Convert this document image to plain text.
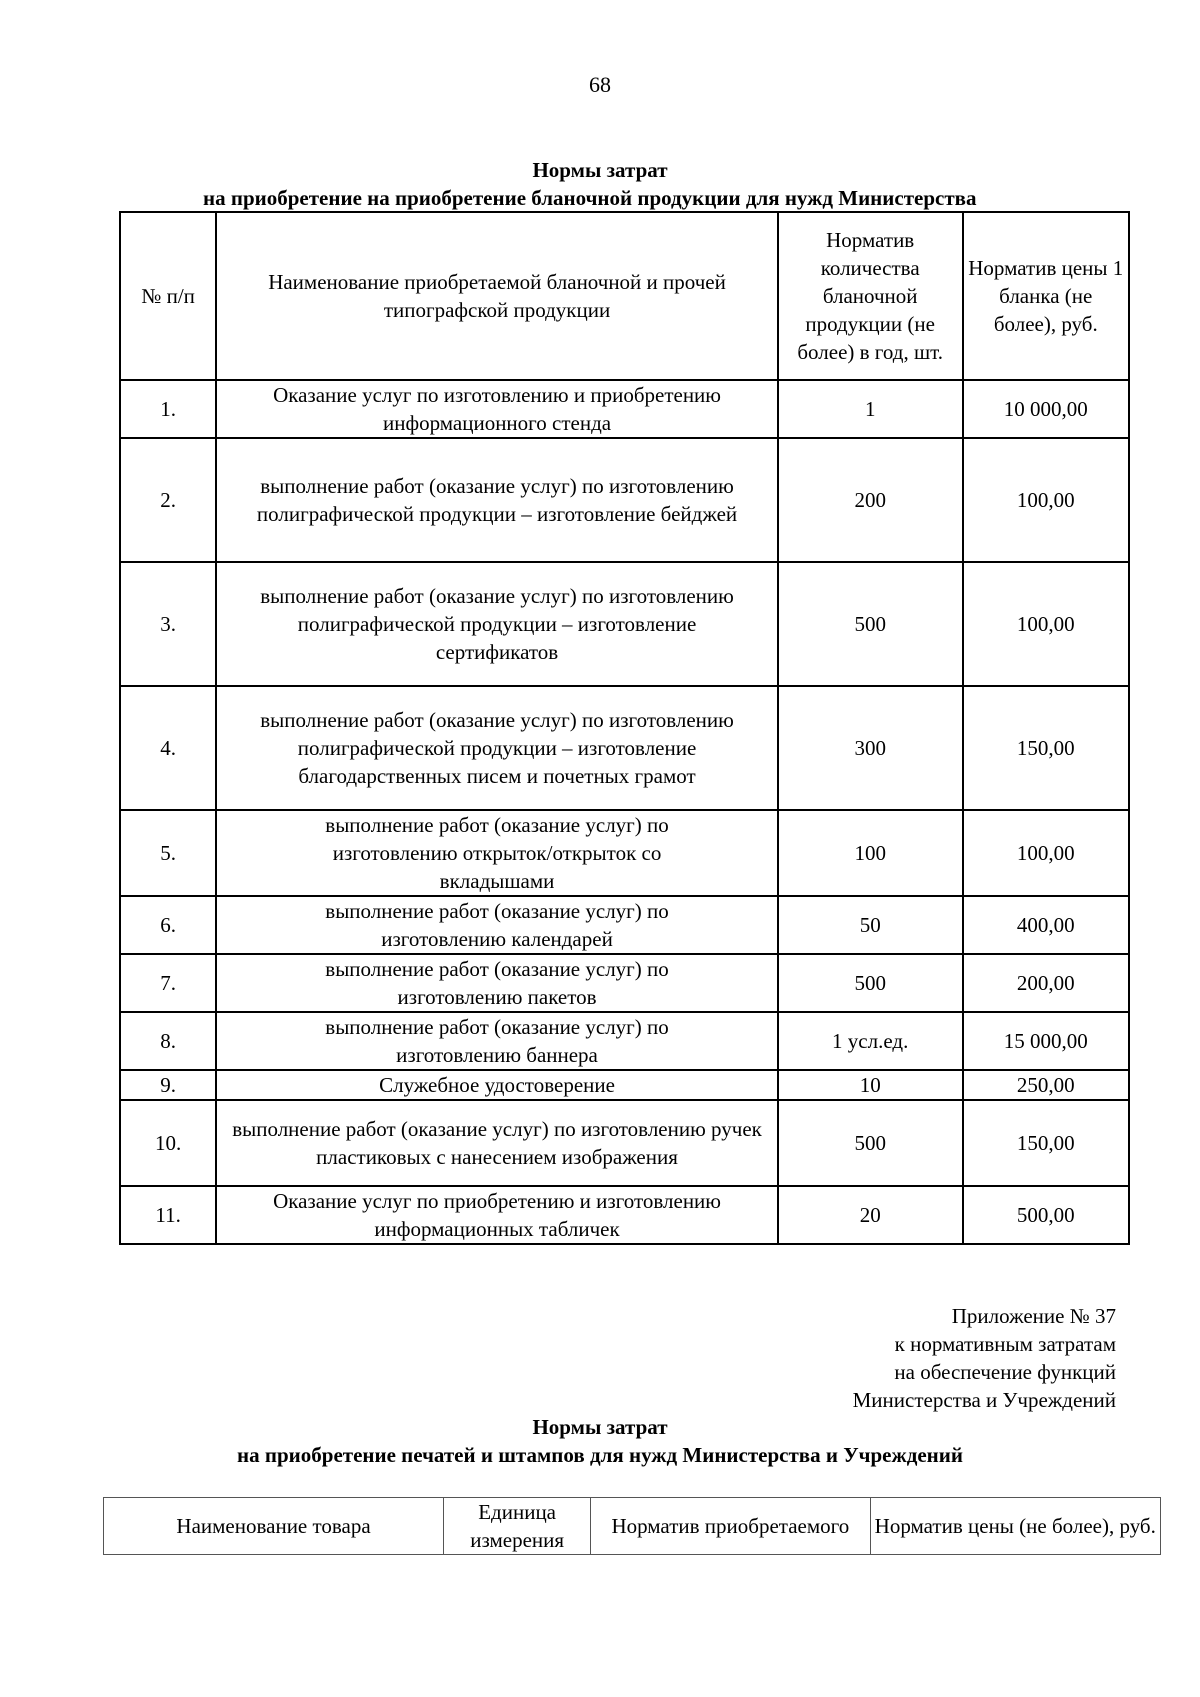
68
Нормы затрат
на приобретение на приобретение бланочной продукции для нужд Министерства
№ п/п	Наименование приобретаемой бланочной и прочей типографской продукции	Норматив количества бланочной продукции (не более) в год, шт.	Норматив цены 1 бланка (не более), руб.
1.	Оказание услуг по изготовлению и приобретению информационного стенда	1	10 000,00
2.	выполнение работ (оказание услуг) по изготовлению полиграфической продукции – изготовление бейджей	200	100,00
3.	выполнение работ (оказание услуг) по изготовлению полиграфической продукции – изготовление сертификатов	500	100,00
4.	выполнение работ (оказание услуг) по изготовлению полиграфической продукции – изготовление благодарственных писем и почетных грамот	300	150,00
5.	выполнение работ (оказание услуг) по изготовлению открыток/открыток со вкладышами	100	100,00
6.	выполнение работ (оказание услуг) по изготовлению календарей	50	400,00
7.	выполнение работ (оказание услуг) по изготовлению пакетов	500	200,00
8.	выполнение работ (оказание услуг) по изготовлению баннера	1 усл.ед.	15 000,00
9.	Служебное удостоверение	10	250,00
10.	выполнение работ (оказание услуг) по изготовлению ручек пластиковых с нанесением изображения	500	150,00
11.	Оказание услуг по приобретению и изготовлению информационных табличек	20	500,00
Приложение № 37
к нормативным затратам
на обеспечение функций
Министерства и Учреждений
Нормы затрат
на приобретение печатей и штампов для нужд Министерства и Учреждений
Наименование товара	Единица измерения	Норматив приобретаемого	Норматив цены (не более), руб.
